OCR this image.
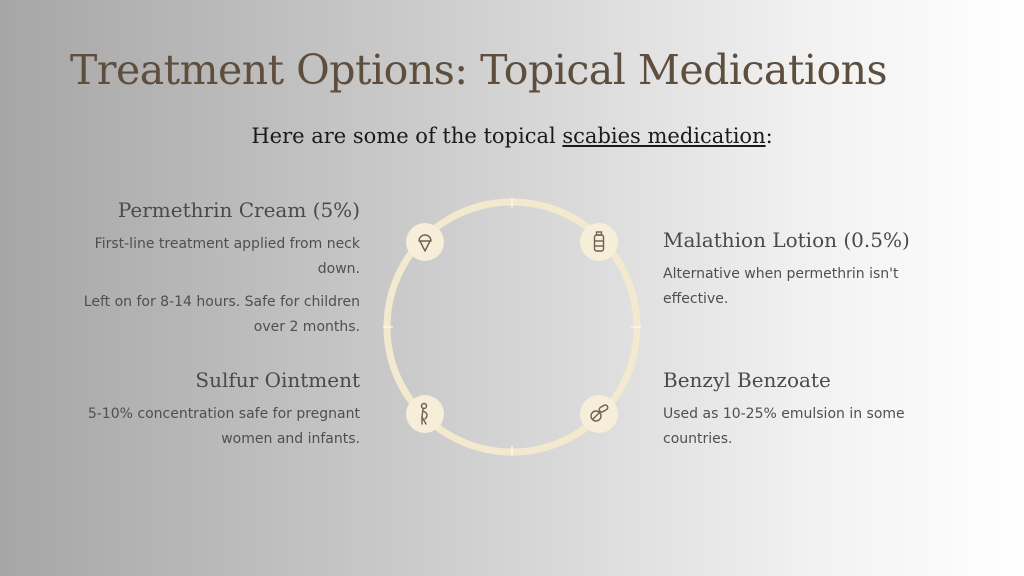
Treatment Options: Topical Medications
Here are some of the topical scabies medication:
Permethrin Cream (5%)

First-line treatment applied from neck down.

Left on for 8-14 hours. Safe for children over 2 months.

Malathion Lotion (0.5%)

Alternative when permethrin isn't effective.

Sulfur Ointment

5-10% concentration safe for pregnant women and infants.

Benzyl Benzoate

Used as 10-25% emulsion in some countries.
